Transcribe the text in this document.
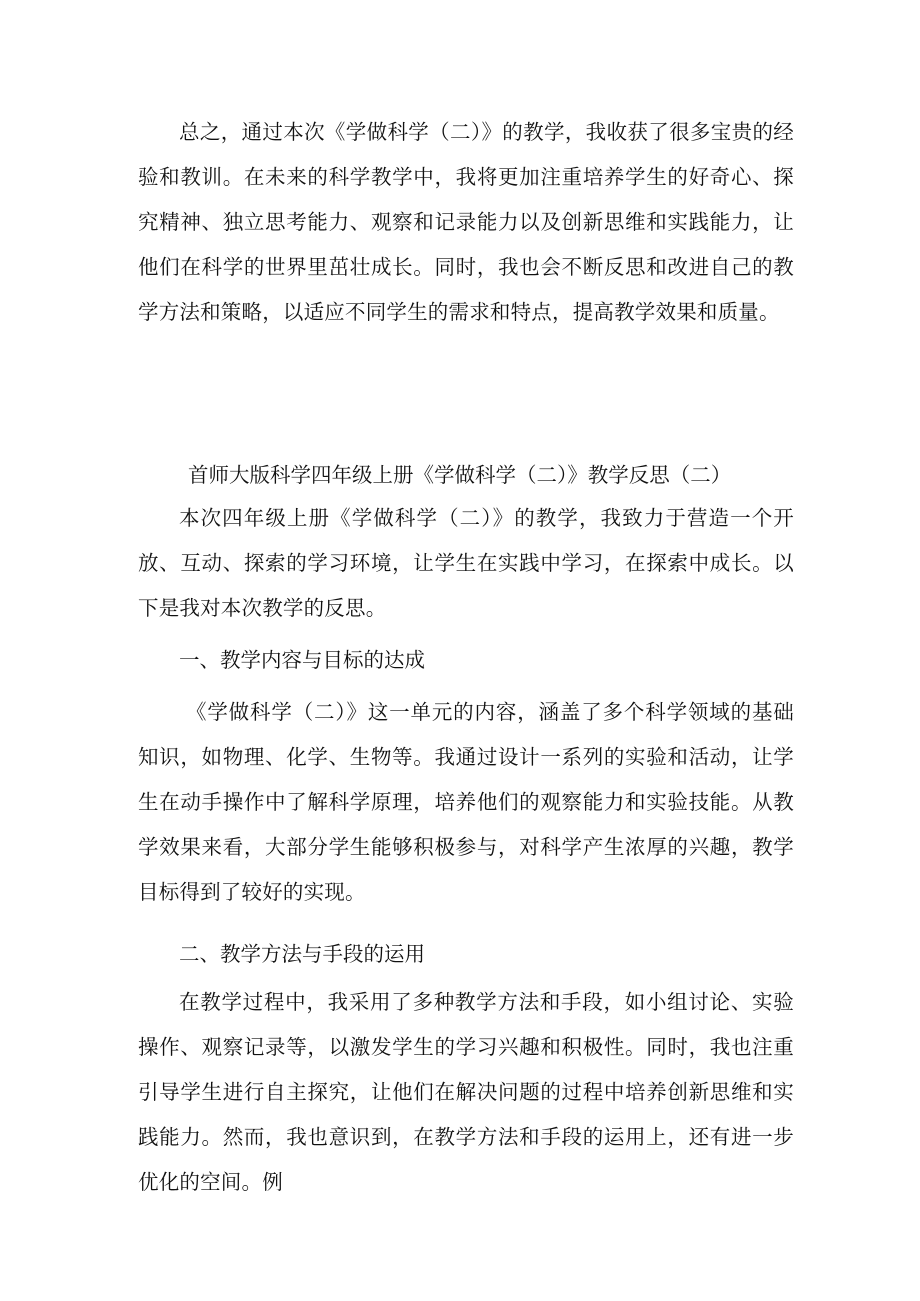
总之，通过本次《学做科学（二）》的教学，我收获了很多宝贵的经验和教训。在未来的科学教学中，我将更加注重培养学生的好奇心、探究精神、独立思考能力、观察和记录能力以及创新思维和实践能力，让他们在科学的世界里茁壮成长。同时，我也会不断反思和改进自己的教学方法和策略，以适应不同学生的需求和特点，提高教学效果和质量。

首师大版科学四年级上册《学做科学（二）》教学反思（二）

本次四年级上册《学做科学（二）》的教学，我致力于营造一个开放、互动、探索的学习环境，让学生在实践中学习，在探索中成长。以下是我对本次教学的反思。

一、教学内容与目标的达成

《学做科学（二）》这一单元的内容，涵盖了多个科学领域的基础知识，如物理、化学、生物等。我通过设计一系列的实验和活动，让学生在动手操作中了解科学原理，培养他们的观察能力和实验技能。从教学效果来看，大部分学生能够积极参与，对科学产生浓厚的兴趣，教学目标得到了较好的实现。

二、教学方法与手段的运用

在教学过程中，我采用了多种教学方法和手段，如小组讨论、实验操作、观察记录等，以激发学生的学习兴趣和积极性。同时，我也注重引导学生进行自主探究，让他们在解决问题的过程中培养创新思维和实践能力。然而，我也意识到，在教学方法和手段的运用上，还有进一步优化的空间。例
